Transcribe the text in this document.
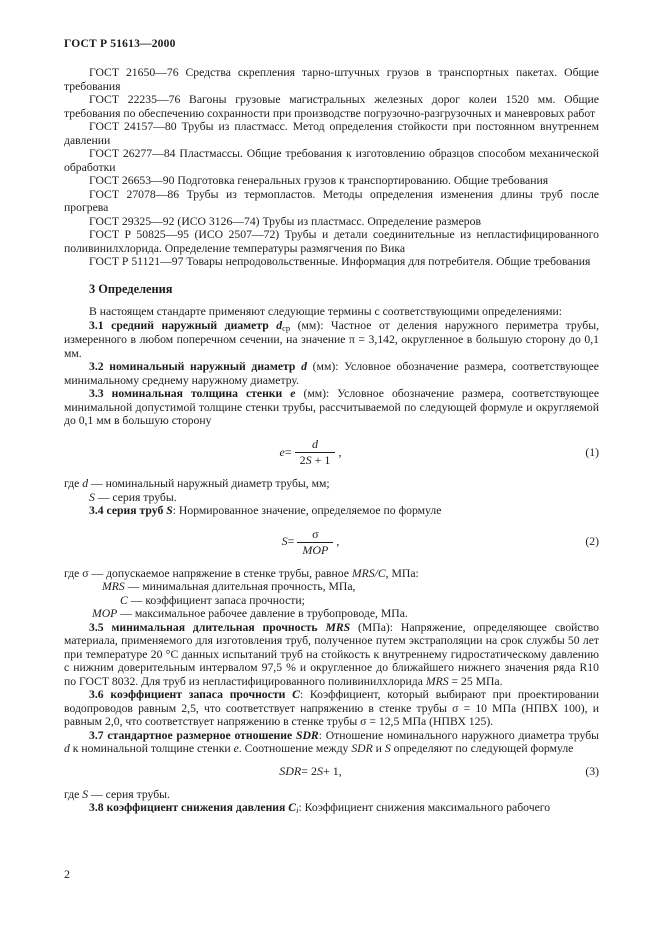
ГОСТ Р 51613—2000

ГОСТ 21650—76 Средства скрепления тарно-штучных грузов в транспортных пакетах. Общие требования

ГОСТ 22235—76 Вагоны грузовые магистральных железных дорог колеи 1520 мм. Общие требования по обеспечению сохранности при производстве погрузочно-разгрузочных и маневровых работ

ГОСТ 24157—80 Трубы из пластмасс. Метод определения стойкости при постоянном внутреннем давлении

ГОСТ 26277—84 Пластмассы. Общие требования к изготовлению образцов способом механической обработки

ГОСТ 26653—90 Подготовка генеральных грузов к транспортированию. Общие требования

ГОСТ 27078—86 Трубы из термопластов. Методы определения изменения длины труб после прогрева

ГОСТ 29325—92 (ИСО 3126—74) Трубы из пластмасс. Определение размеров

ГОСТ Р 50825—95 (ИСО 2507—72) Трубы и детали соединительные из непластифицированного поливинилхлорида. Определение температуры размягчения по Вика

ГОСТ Р 51121—97 Товары непродовольственные. Информация для потребителя. Общие требования

3 Определения

В настоящем стандарте применяют следующие термины с соответствующими определениями:

3.1 средний наружный диаметр $d_{ср}$ (мм): Частное от деления наружного периметра трубы, измеренного в любом поперечном сечении, на значение π = 3,142, округленное в большую сторону до 0,1 мм.

3.2 номинальный наружный диаметр d (мм): Условное обозначение размера, соответствующее минимальному среднему наружному диаметру.

3.3 номинальная толщина стенки e (мм): Условное обозначение размера, соответствующее минимальной допустимой толщине стенки трубы, рассчитываемой по следующей формуле и округляемой до 0,1 мм в большую сторону

$e = \frac{d}{2S + 1}$ ,	(1)

где d — номинальный наружный диаметр трубы, мм;

S — серия трубы.

3.4 серия труб S: Нормированное значение, определяемое по формуле

$S = \frac{\sigma}{\text{MOP}}$ ,	(2)

где σ — допускаемое напряжение в стенке трубы, равное MRS/C, МПа:

MRS — минимальная длительная прочность, МПа,

C — коэффициент запаса прочности;

MOP — максимальное рабочее давление в трубопроводе, МПа.

3.5 минимальная длительная прочность MRS (МПа): Напряжение, определяющее свойство материала, применяемого для изготовления труб, полученное путем экстраполяции на срок службы 50 лет при температуре 20 °С данных испытаний труб на стойкость к внутреннему гидростатическому давлению с нижним доверительным интервалом 97,5 % и округленное до ближайшего нижнего значения ряда R10 по ГОСТ 8032. Для труб из непластифицированного поливинилхлорида MRS = 25 МПа.

3.6 коэффициент запаса прочности C: Коэффициент, который выбирают при проектировании водопроводов равным 2,5, что соответствует напряжению в стенке трубы σ = 10 МПа (НПВХ 100), и равным 2,0, что соответствует напряжению в стенке трубы σ = 12,5 МПа (НПВХ 125).

3.7 стандартное размерное отношение SDR: Отношение номинального наружного диаметра трубы d к номинальной толщине стенки e. Соотношение между SDR и S определяют по следующей формуле

SDR = 2 S + 1,	(3)

где S — серия трубы.

3.8 коэффициент снижения давления Ci: Коэффициент снижения максимального рабочего

2
